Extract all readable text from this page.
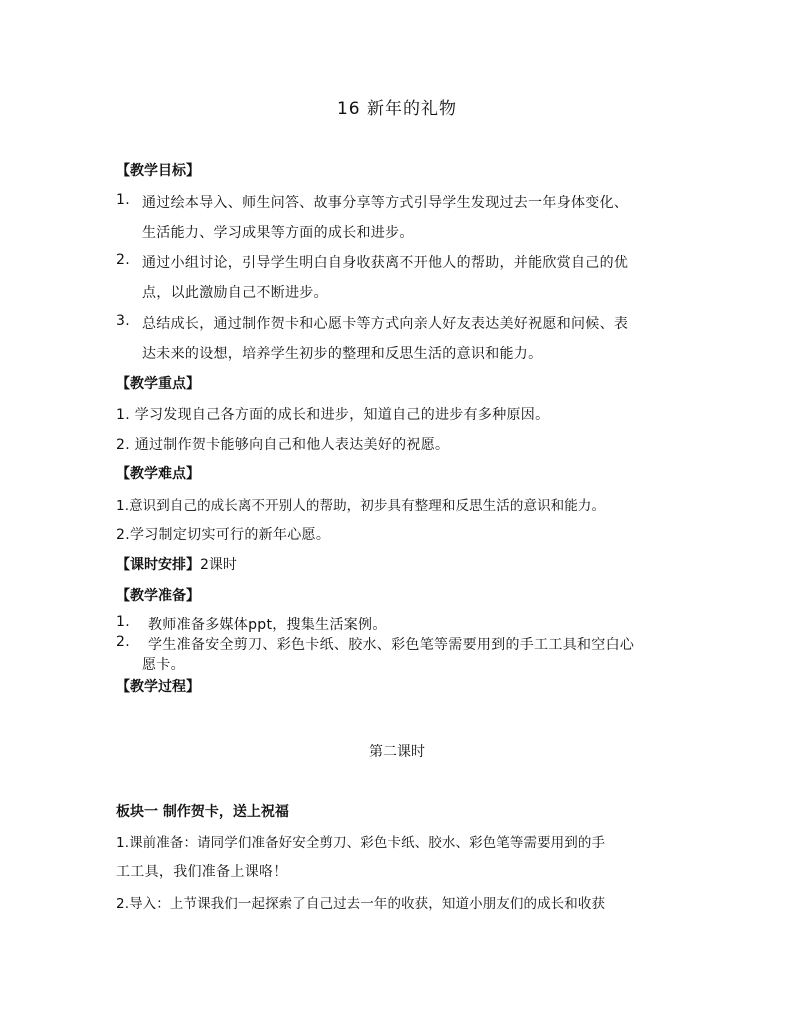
16 新年的礼物
【教学目标】
1. 通过绘本导入、师生问答、故事分享等方式引导学生发现过去一年身体变化、
生活能力、学习成果等方面的成长和进步。
2. 通过小组讨论，引导学生明白自身收获离不开他人的帮助，并能欣赏自己的优
点，以此激励自己不断进步。
3. 总结成长，通过制作贺卡和心愿卡等方式向亲人好友表达美好祝愿和问候、表
达未来的设想，培养学生初步的整理和反思生活的意识和能力。
【教学重点】
1. 学习发现自己各方面的成长和进步，知道自己的进步有多种原因。
2. 通过制作贺卡能够向自己和他人表达美好的祝愿。
【教学难点】
1.意识到自己的成长离不开别人的帮助，初步具有整理和反思生活的意识和能力。
2.学习制定切实可行的新年心愿。
【课时安排】2课时
【教学准备】
1. 教师准备多媒体ppt，搜集生活案例。
2. 学生准备安全剪刀、彩色卡纸、胶水、彩色笔等需要用到的手工工具和空白心
愿卡。
【教学过程】
第二课时
板块一 制作贺卡，送上祝福
1.课前准备：请同学们准备好安全剪刀、彩色卡纸、胶水、彩色笔等需要用到的手
工工具，我们准备上课咯！
2.导入：上节课我们一起探索了自己过去一年的收获，知道小朋友们的成长和收获
